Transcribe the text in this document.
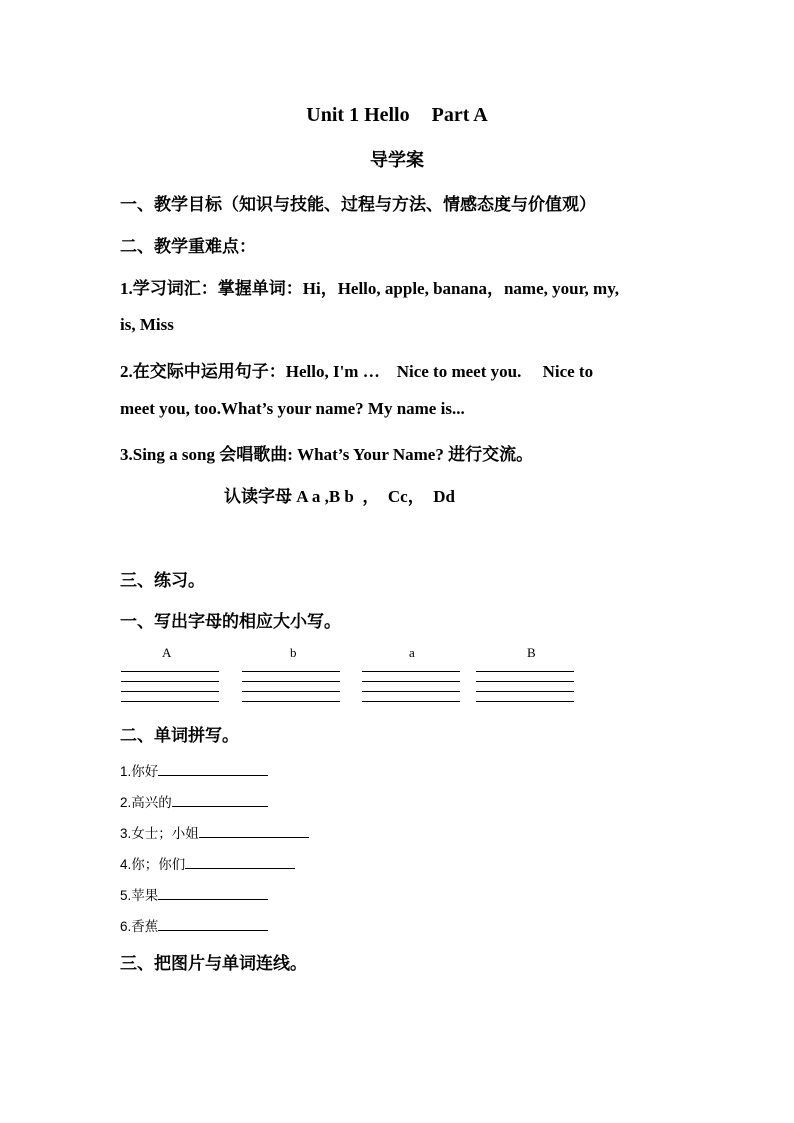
Unit 1 Hello Part A
导学案
一、教学目标（知识与技能、过程与方法、情感态度与价值观）
二、教学重难点：
1.学习词汇：掌握单词：Hi，Hello, apple, banana，name, your, my,
is, Miss
2.在交际中运用句子：Hello, I'm …    Nice to meet you.     Nice to
meet you, too.What’s your name? My name is...
3.Sing a song 会唱歌曲: What’s Your Name? 进行交流。
认读字母 A a ,B b  ，  Cc，  Dd
三、练习。
一、写出字母的相应大小写。
A	b	a	B
二、单词拼写。
1.你好
2.高兴的
3.女士；小姐
4.你；你们
5.苹果
6.香蕉
三、把图片与单词连线。
